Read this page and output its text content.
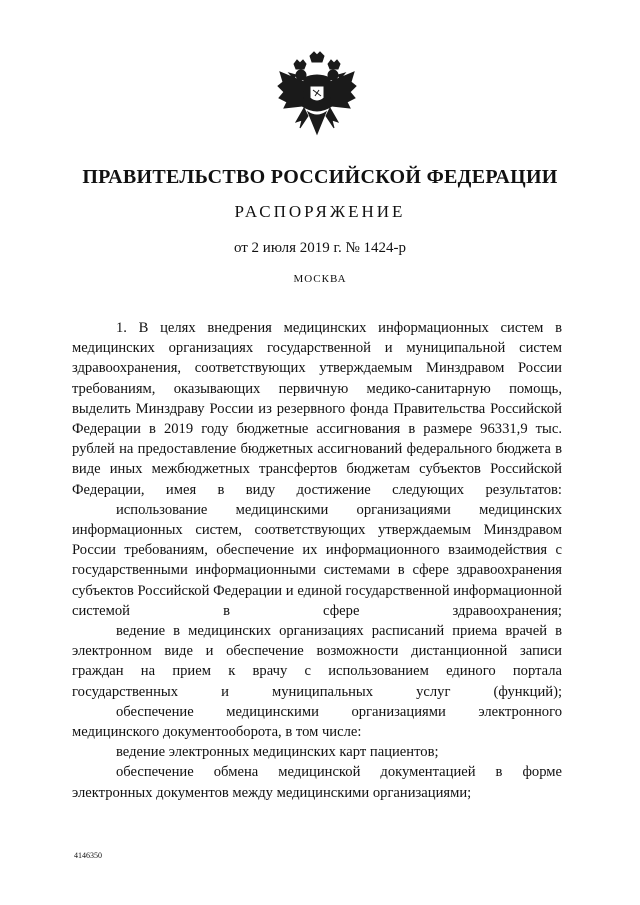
ПРАВИТЕЛЬСТВО РОССИЙСКОЙ ФЕДЕРАЦИИ
РАСПОРЯЖЕНИЕ
от 2 июля 2019 г. № 1424-р
МОСКВА

1. В целях внедрения медицинских информационных систем в медицинских организациях государственной и муниципальной систем здравоохранения, соответствующих утверждаемым Минздравом России требованиям, оказывающих первичную медико-санитарную помощь, выделить Минздраву России из резервного фонда Правительства Российской Федерации в 2019 году бюджетные ассигнования в размере 96331,9 тыс. рублей на предоставление бюджетных ассигнований федерального бюджета в виде иных межбюджетных трансфертов бюджетам субъектов Российской Федерации, имея в виду достижение следующих результатов:

использование медицинскими организациями медицинских информационных систем, соответствующих утверждаемым Минздравом России требованиям, обеспечение их информационного взаимодействия с государственными информационными системами в сфере здравоохранения субъектов Российской Федерации и единой государственной информационной системой в сфере здравоохранения;

ведение в медицинских организациях расписаний приема врачей в электронном виде и обеспечение возможности дистанционной записи граждан на прием к врачу с использованием единого портала государственных и муниципальных услуг (функций);

обеспечение медицинскими организациями электронного медицинского документооборота, в том числе:

ведение электронных медицинских карт пациентов;

обеспечение обмена медицинской документацией в форме электронных документов между медицинскими организациями;

4146350
